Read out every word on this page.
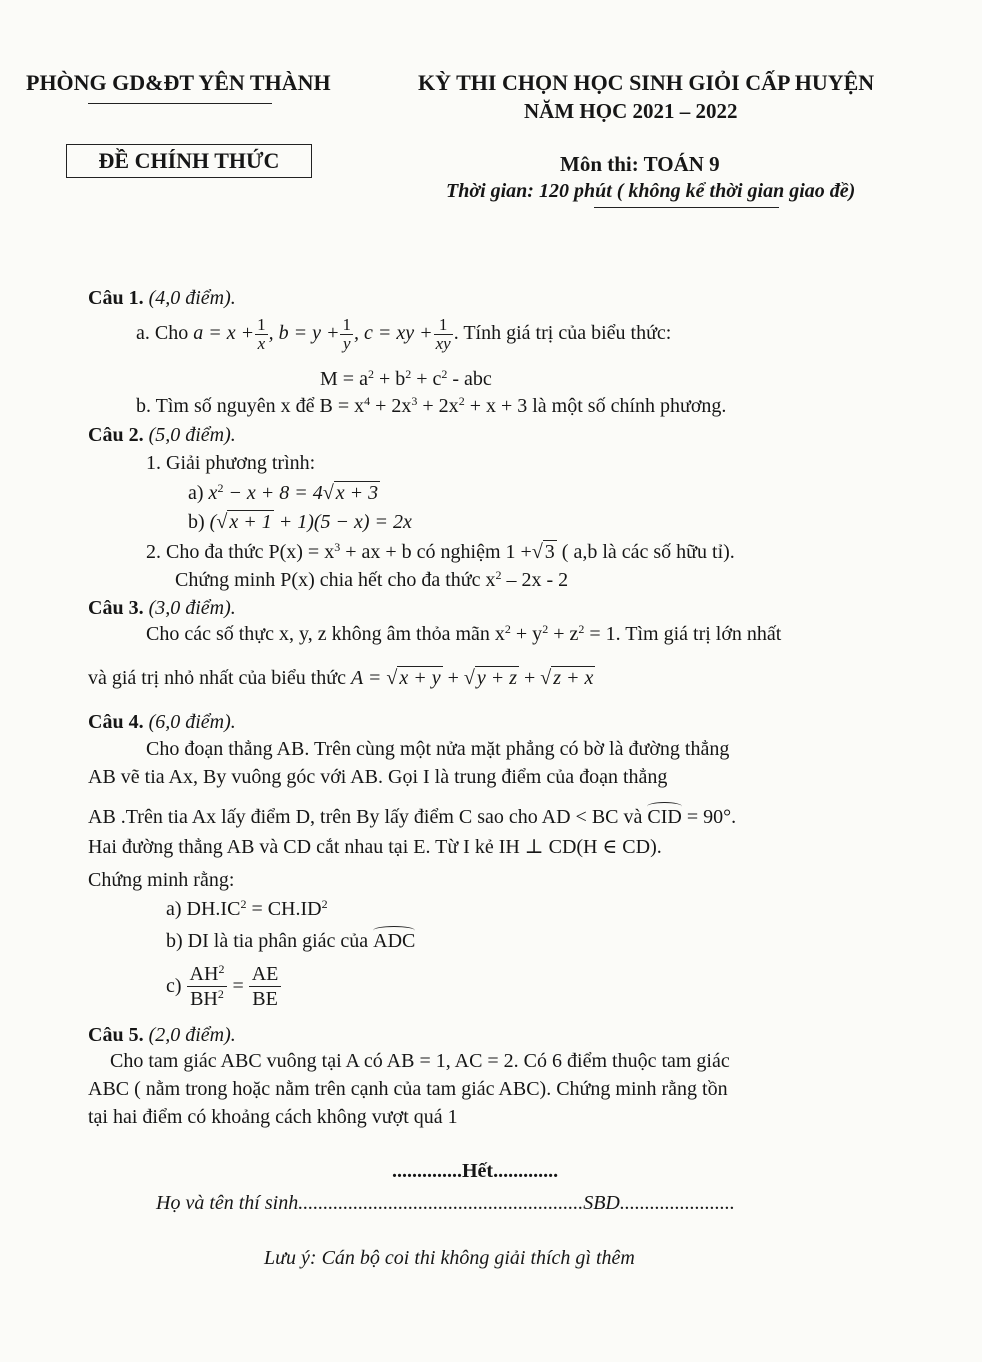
PHÒNG GD&ĐT YÊN THÀNH	KỲ THI CHỌN HỌC SINH GIỎI CẤP HUYỆN
NĂM HỌC 2021 – 2022
ĐỀ CHÍNH THỨC	Môn thi: TOÁN 9
Thời gian: 120 phút ( không kể thời gian giao đề)
Câu 1. (4,0 điểm).
a. Cho $a = x + \frac{1}{x}$ , $b = y + \frac{1}{y}$ , c = xy + $\frac{1}{xy}$ . Tính giá trị của biểu thức:
$M = a^2 + b^2 + c^2$ - abc
b. Tìm số nguyên x để $B = x^4 + 2x^3 + 2x^2 + x + 3$ là một số chính phương.
Câu 2. (5,0 điểm).
1. Giải phương trình:
a) $x^2 - x + 8 = 4√$ x + 3
b) (√ x + 1 + 1)(5 − x) = 2x
2. Cho đa thức $P(x) = x^3$ + ax + b có nghiệm 1 +√ 3 ( a,b là các số hữu tỉ).
Chứng minh P(x) chia hết cho đa thức $x^2 - 2x - 2$
Câu 3. (3,0 điểm).
Cho các số thực x, y, z không âm thỏa mãn $x^2 + y^2 + z^2 = 1$. Tìm giá trị lớn nhất
và giá trị nhỏ nhất của biểu thức A = √ x + y + √ y + z + √ z + x
Câu 4. (6,0 điểm).
Cho đoạn thẳng AB. Trên cùng một nửa mặt phẳng có bờ là đường thẳng
AB vẽ tia Ax, By vuông góc với AB. Gọi I là trung điểm của đoạn thẳng
AB .Trên tia Ax lấy điểm D, trên By lấy điểm C sao cho AD < BC và CID = 90°.
Hai đường thẳng AB và CD cắt nhau tại E. Từ I kẻ IH ⊥ CD(H ∈ CD).
Chứng minh rằng:
a) $DH.IC^2 = CH.ID^2$
b) DI là tia phân giác của ADC
$c) \frac{AH^2}{BH^2} = \frac{AE}{BE}$
Câu 5. (2,0 điểm).
Cho tam giác ABC vuông tại A có AB = 1, AC = 2. Có 6 điểm thuộc tam giác
ABC ( nằm trong hoặc nằm trên cạnh của tam giác ABC). Chứng minh rằng tồn
tại hai điểm có khoảng cách không vượt quá 1
..............Hết.............
Họ và tên thí sinh.........................................................SBD.......................
Lưu ý: Cán bộ coi thi không giải thích gì thêm
